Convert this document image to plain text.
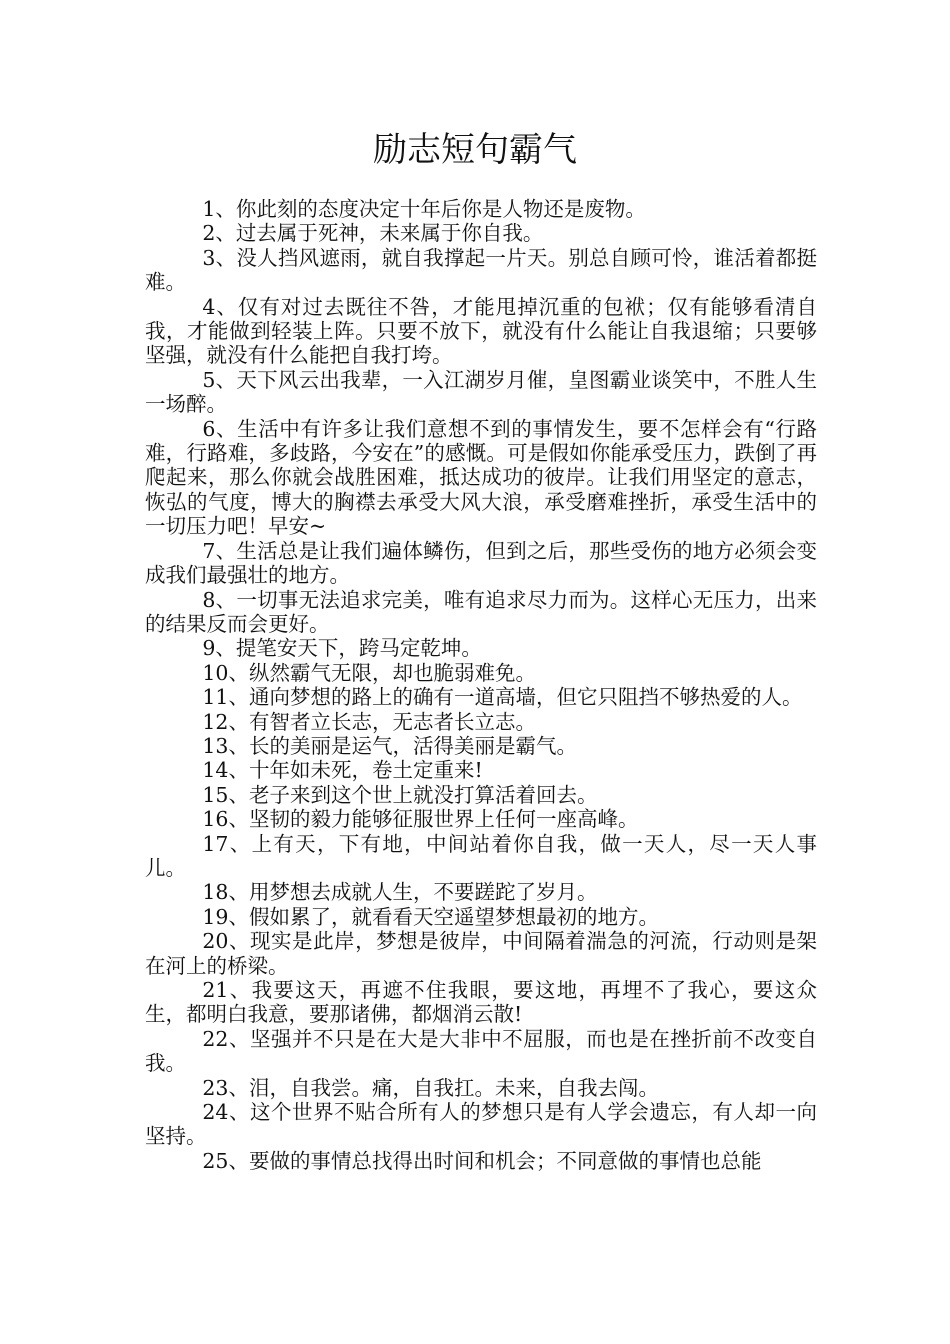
励志短句霸气

1、你此刻的态度决定十年后你是人物还是废物。

2、过去属于死神，未来属于你自我。

3、没人挡风遮雨，就自我撑起一片天。别总自顾可怜，谁活着都挺难。

4、仅有对过去既往不咎，才能甩掉沉重的包袱；仅有能够看清自我，才能做到轻装上阵。只要不放下，就没有什么能让自我退缩；只要够坚强，就没有什么能把自我打垮。

5、天下风云出我辈，一入江湖岁月催，皇图霸业谈笑中，不胜人生一场醉。

6、生活中有许多让我们意想不到的事情发生，要不怎样会有“行路难，行路难，多歧路，今安在”的感慨。可是假如你能承受压力，跌倒了再爬起来，那么你就会战胜困难，抵达成功的彼岸。让我们用坚定的意志，恢弘的气度，博大的胸襟去承受大风大浪，承受磨难挫折，承受生活中的一切压力吧！早安~

7、生活总是让我们遍体鳞伤，但到之后，那些受伤的地方必须会变成我们最强壮的地方。

8、一切事无法追求完美，唯有追求尽力而为。这样心无压力，出来的结果反而会更好。

9、提笔安天下，跨马定乾坤。

10、纵然霸气无限，却也脆弱难免。

11、通向梦想的路上的确有一道高墙，但它只阻挡不够热爱的人。

12、有智者立长志，无志者长立志。

13、长的美丽是运气，活得美丽是霸气。

14、十年如未死，卷土定重来!

15、老子来到这个世上就没打算活着回去。

16、坚韧的毅力能够征服世界上任何一座高峰。

17、上有天，下有地，中间站着你自我，做一天人，尽一天人事儿。

18、用梦想去成就人生，不要蹉跎了岁月。

19、假如累了，就看看天空遥望梦想最初的地方。

20、现实是此岸，梦想是彼岸，中间隔着湍急的河流，行动则是架在河上的桥梁。

21、我要这天，再遮不住我眼，要这地，再埋不了我心，要这众生，都明白我意，要那诸佛，都烟消云散!

22、坚强并不只是在大是大非中不屈服，而也是在挫折前不改变自我。

23、泪，自我尝。痛，自我扛。未来，自我去闯。

24、这个世界不贴合所有人的梦想只是有人学会遗忘，有人却一向坚持。

25、要做的事情总找得出时间和机会；不同意做的事情也总能
